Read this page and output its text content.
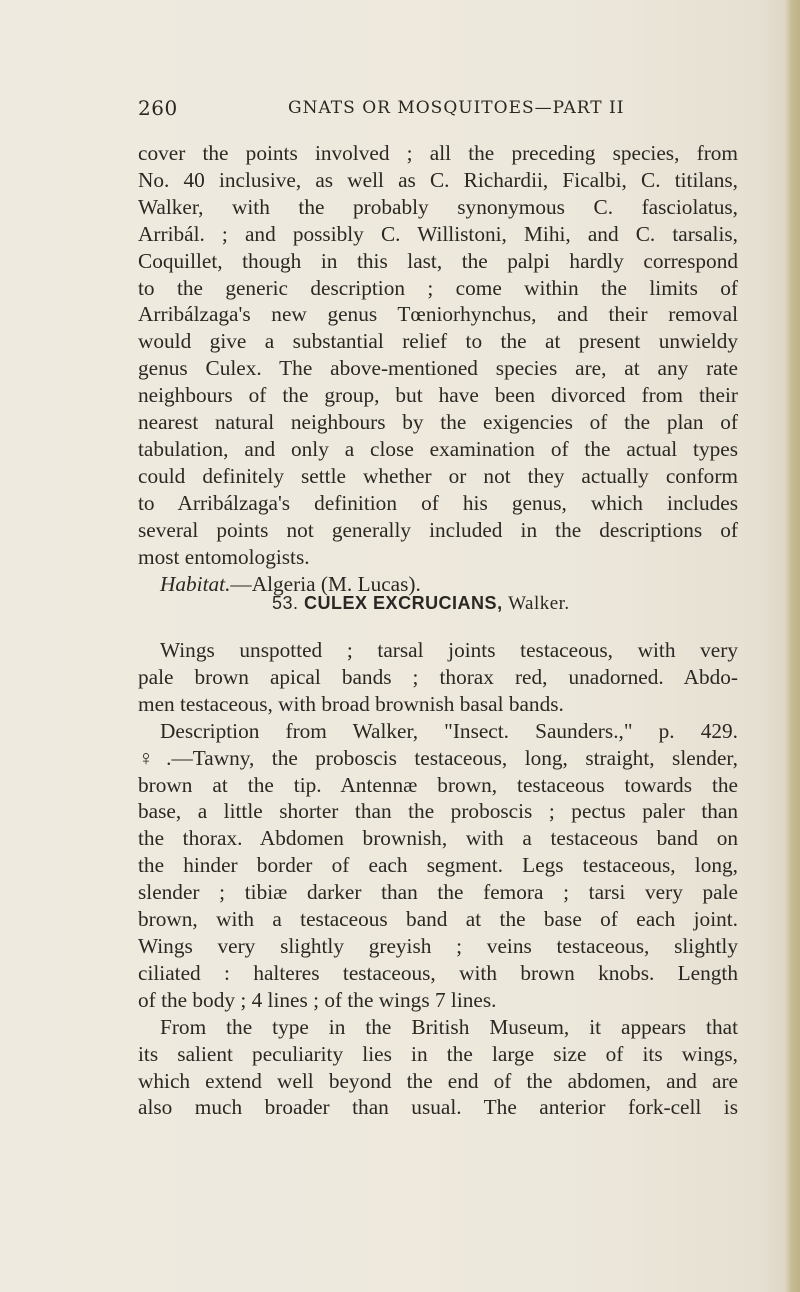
260	GNATS OR MOSQUITOES—PART II
cover the points involved ; all the preceding species, from
No. 40 inclusive, as well as C. Richardii, Ficalbi, C. titilans,
Walker, with the probably synonymous C. fasciolatus,
Arribál. ; and possibly C. Willistoni, Mihi, and C. tarsalis,
Coquillet, though in this last, the palpi hardly correspond
to the generic description ; come within the limits of
Arribálzaga's new genus Tœniorhynchus, and their removal
would give a substantial relief to the at present unwieldy
genus Culex. The above-mentioned species are, at any rate
neighbours of the group, but have been divorced from their
nearest natural neighbours by the exigencies of the plan of
tabulation, and only a close examination of the actual types
could definitely settle whether or not they actually conform
to Arribálzaga's definition of his genus, which includes
several points not generally included in the descriptions of
most entomologists.
Habitat.—Algeria (M. Lucas).
53. CULEX EXCRUCIANS, Walker.
Wings unspotted ; tarsal joints testaceous, with very
pale brown apical bands ; thorax red, unadorned. Abdo-
men testaceous, with broad brownish basal bands.
Description from Walker, "Insect. Saunders.," p. 429.
♀.—Tawny, the proboscis testaceous, long, straight, slender,
brown at the tip. Antennæ brown, testaceous towards the
base, a little shorter than the proboscis ; pectus paler than
the thorax. Abdomen brownish, with a testaceous band on
the hinder border of each segment. Legs testaceous, long,
slender ; tibiæ darker than the femora ; tarsi very pale
brown, with a testaceous band at the base of each joint.
Wings very slightly greyish ; veins testaceous, slightly
ciliated : halteres testaceous, with brown knobs. Length
of the body ; 4 lines ; of the wings 7 lines.
From the type in the British Museum, it appears that
its salient peculiarity lies in the large size of its wings,
which extend well beyond the end of the abdomen, and are
also much broader than usual. The anterior fork-cell is
